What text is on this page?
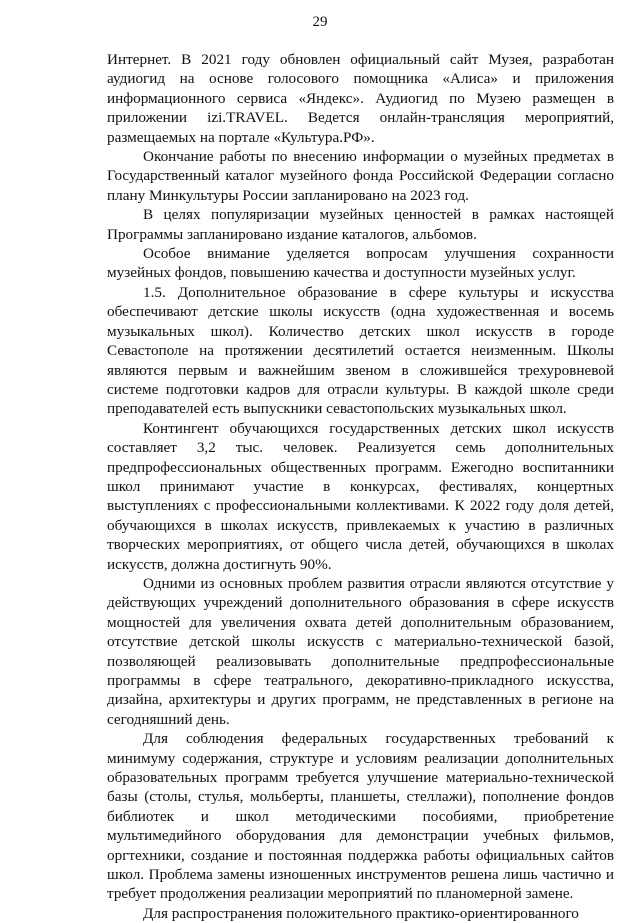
29

Интернет. В 2021 году обновлен официальный сайт Музея, разработан аудиогид на основе голосового помощника «Алиса» и приложения информационного сервиса «Яндекс». Аудиогид по Музею размещен в приложении izi.TRAVEL. Ведется онлайн-трансляция мероприятий, размещаемых на портале «Культура.РФ».

Окончание работы по внесению информации о музейных предметах в Государственный каталог музейного фонда Российской Федерации согласно плану Минкультуры России запланировано на 2023 год.

В целях популяризации музейных ценностей в рамках настоящей Программы запланировано издание каталогов, альбомов.

Особое внимание уделяется вопросам улучшения сохранности музейных фондов, повышению качества и доступности музейных услуг.

1.5. Дополнительное образование в сфере культуры и искусства обеспечивают детские школы искусств (одна художественная и восемь музыкальных школ). Количество детских школ искусств в городе Севастополе на протяжении десятилетий остается неизменным. Школы являются первым и важнейшим звеном в сложившейся трехуровневой системе подготовки кадров для отрасли культуры. В каждой школе среди преподавателей есть выпускники севастопольских музыкальных школ.

Контингент обучающихся государственных детских школ искусств составляет 3,2 тыс. человек. Реализуется семь дополнительных предпрофессиональных общественных программ. Ежегодно воспитанники школ принимают участие в конкурсах, фестивалях, концертных выступлениях с профессиональными коллективами. К 2022 году доля детей, обучающихся в школах искусств, привлекаемых к участию в различных творческих мероприятиях, от общего числа детей, обучающихся в школах искусств, должна достигнуть 90%.

Одними из основных проблем развития отрасли являются отсутствие у действующих учреждений дополнительного образования в сфере искусств мощностей для увеличения охвата детей дополнительным образованием, отсутствие детской школы искусств с материально-технической базой, позволяющей реализовывать дополнительные предпрофессиональные программы в сфере театрального, декоративно-прикладного искусства, дизайна, архитектуры и других программ, не представленных в регионе на сегодняшний день.

Для соблюдения федеральных государственных требований к минимуму содержания, структуре и условиям реализации дополнительных образовательных программ требуется улучшение материально-технической базы (столы, стулья, мольберты, планшеты, стеллажи), пополнение фондов библиотек и школ методическими пособиями, приобретение мультимедийного оборудования для демонстрации учебных фильмов, оргтехники, создание и постоянная поддержка работы официальных сайтов школ. Проблема замены изношенных инструментов решена лишь частично и требует продолжения реализации мероприятий по планомерной замене.

Для распространения положительного практико-ориентированного
